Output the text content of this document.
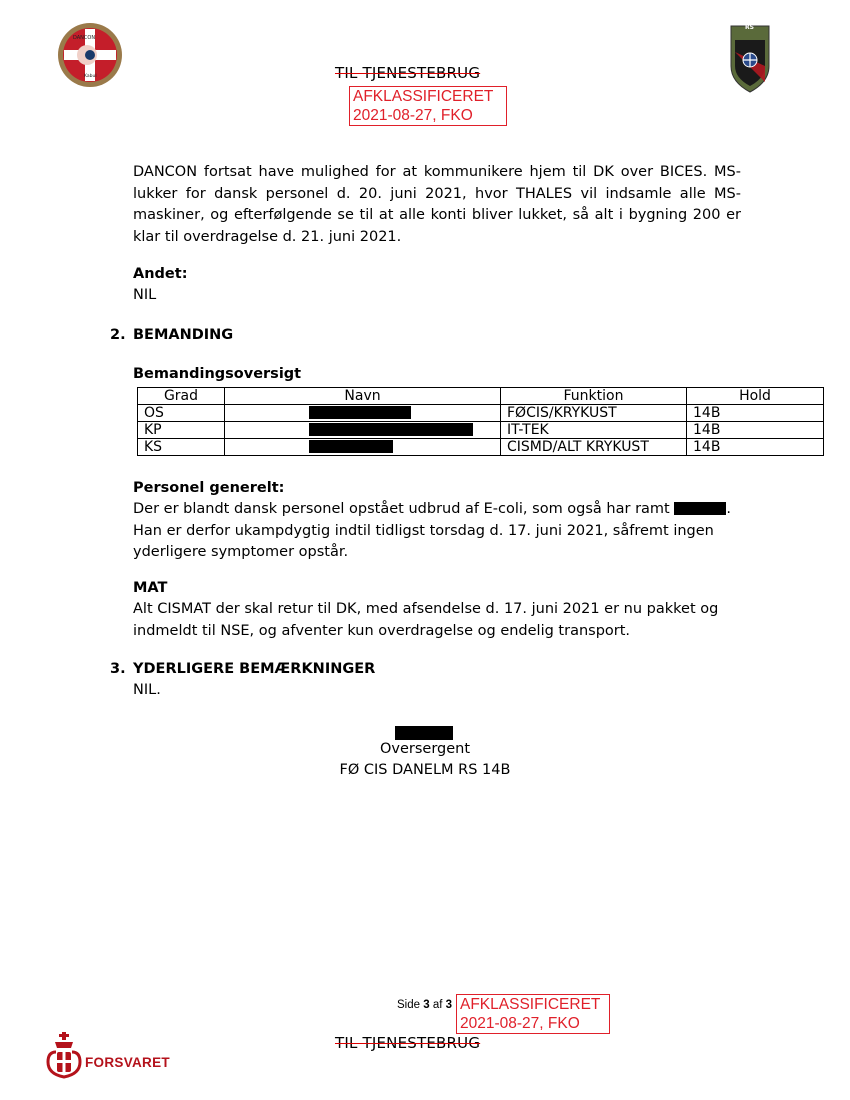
DANCON
Kabul
RS
TIL TJENESTEBRUG
AFKLASSIFICERET
2021-08-27, FKO
DANCON fortsat have mulighed for at kommunikere hjem til DK over BICES. MS-lukker for dansk personel d. 20. juni 2021, hvor THALES vil indsamle alle MS-maskiner, og efterfølgende se til at alle konti bliver lukket, så alt i bygning 200 er klar til overdragelse d. 21. juni 2021.
Andet:
NIL
2. BEMANDING
Bemandingsoversigt
Grad	Navn	Funktion	Hold
OS		FØCIS/KRYKUST	14B
KP		IT-TEK	14B
KS		CISMD/ALT KRYKUST	14B
Personel generelt:
Der er blandt dansk personel opstået udbrud af E-coli, som også har ramt	. Han er derfor ukampdygtig indtil tidligst torsdag d. 17. juni 2021, såfremt ingen yderligere symptomer opstår.
MAT
Alt CISMAT der skal retur til DK, med afsendelse d. 17. juni 2021 er nu pakket og indmeldt til NSE, og afventer kun overdragelse og endelig transport.
3. YDERLIGERE BEMÆRKNINGER
NIL.
Oversergent
FØ CIS DANELM RS 14B
Side 3 af 3 AFKLASSIFICERET
2021-08-27, FKO
TIL TJENESTEBRUG
FORSVARET
